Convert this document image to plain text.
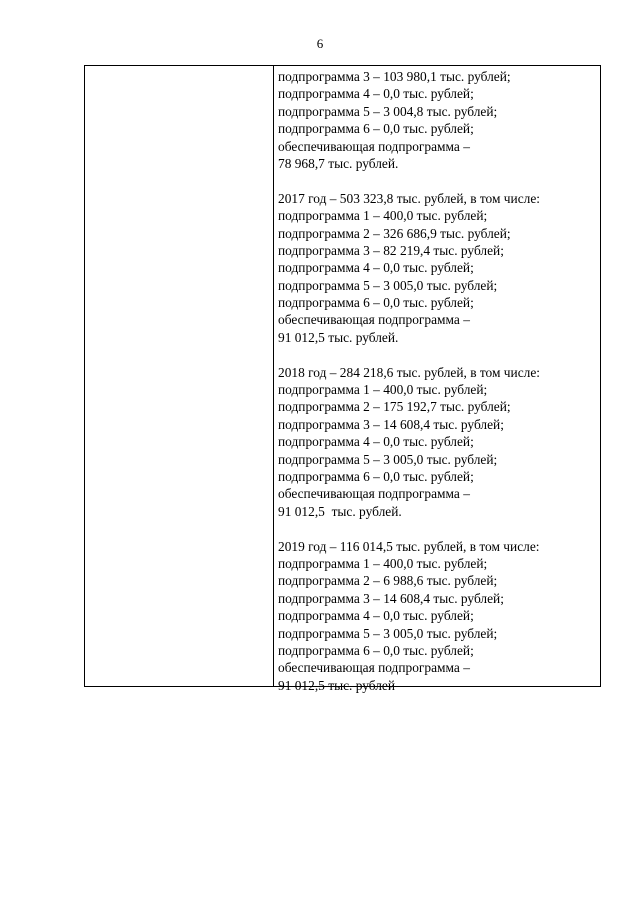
6
подпрограмма 3 – 103 980,1 тыс. рублей;
подпрограмма 4 – 0,0 тыс. рублей;
подпрограмма 5 – 3 004,8 тыс. рублей;
подпрограмма 6 – 0,0 тыс. рублей;
обеспечивающая подпрограмма –
78 968,7 тыс. рублей.
2017 год – 503 323,8 тыс. рублей, в том числе:
подпрограмма 1 – 400,0 тыс. рублей;
подпрограмма 2 – 326 686,9 тыс. рублей;
подпрограмма 3 – 82 219,4 тыс. рублей;
подпрограмма 4 – 0,0 тыс. рублей;
подпрограмма 5 – 3 005,0 тыс. рублей;
подпрограмма 6 – 0,0 тыс. рублей;
обеспечивающая подпрограмма –
91 012,5 тыс. рублей.
2018 год – 284 218,6 тыс. рублей, в том числе:
подпрограмма 1 – 400,0 тыс. рублей;
подпрограмма 2 – 175 192,7 тыс. рублей;
подпрограмма 3 – 14 608,4 тыс. рублей;
подпрограмма 4 – 0,0 тыс. рублей;
подпрограмма 5 – 3 005,0 тыс. рублей;
подпрограмма 6 – 0,0 тыс. рублей;
обеспечивающая подпрограмма –
91 012,5  тыс. рублей.
2019 год – 116 014,5 тыс. рублей, в том числе:
подпрограмма 1 – 400,0 тыс. рублей;
подпрограмма 2 – 6 988,6 тыс. рублей;
подпрограмма 3 – 14 608,4 тыс. рублей;
подпрограмма 4 – 0,0 тыс. рублей;
подпрограмма 5 – 3 005,0 тыс. рублей;
подпрограмма 6 – 0,0 тыс. рублей;
обеспечивающая подпрограмма –
91 012,5 тыс. рублей
